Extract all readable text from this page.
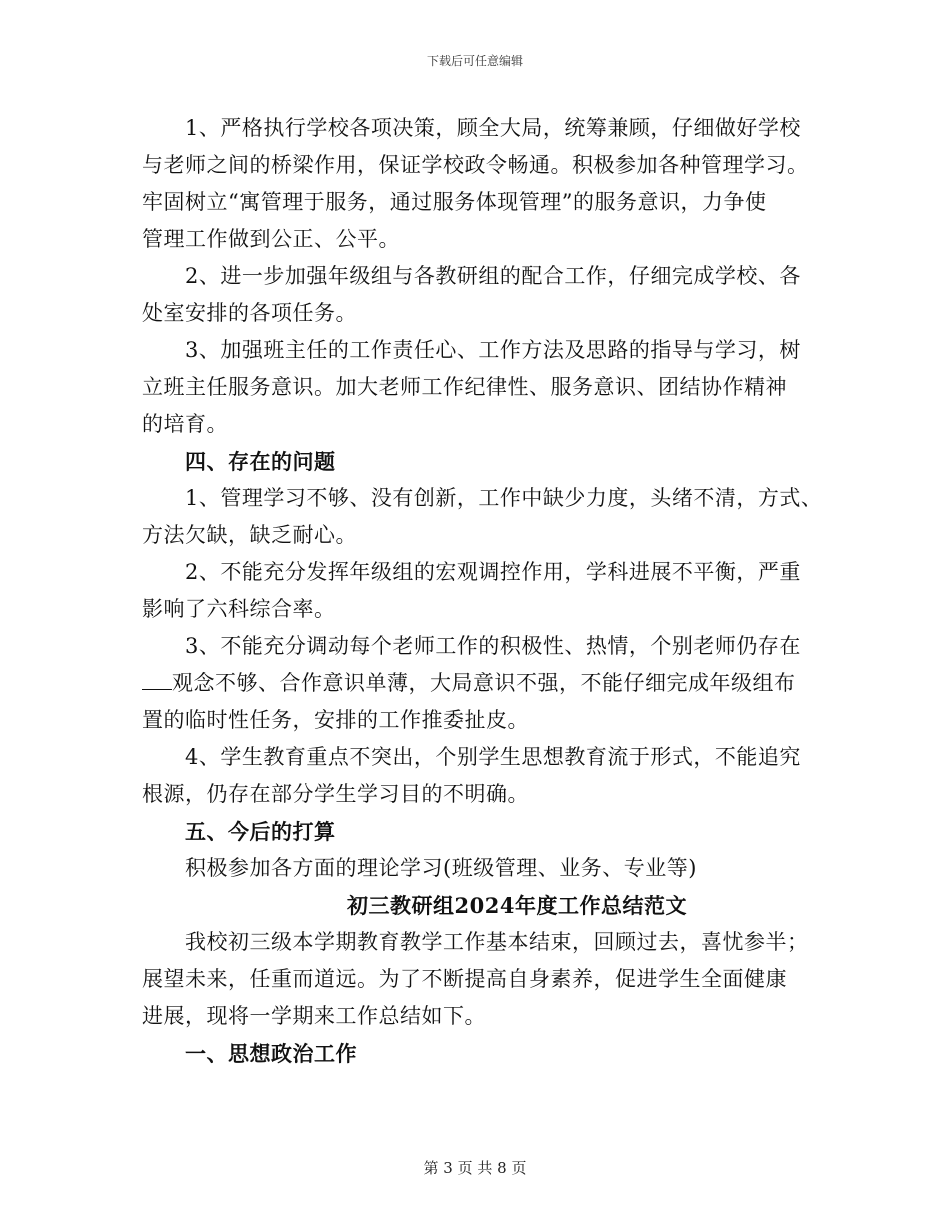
下载后可任意编辑
1、严格执行学校各项决策，顾全大局，统筹兼顾，仔细做好学校
与老师之间的桥梁作用，保证学校政令畅通。积极参加各种管理学习。
牢固树立“寓管理于服务，通过服务体现管理”的服务意识，力争使
管理工作做到公正、公平。
2、进一步加强年级组与各教研组的配合工作，仔细完成学校、各
处室安排的各项任务。
3、加强班主任的工作责任心、工作方法及思路的指导与学习，树
立班主任服务意识。加大老师工作纪律性、服务意识、团结协作精神
的培育。
四、存在的问题
1、管理学习不够、没有创新，工作中缺少力度，头绪不清，方式、
方法欠缺，缺乏耐心。
2、不能充分发挥年级组的宏观调控作用，学科进展不平衡，严重
影响了六科综合率。
3、不能充分调动每个老师工作的积极性、热情，个别老师仍存在
观念不够、合作意识单薄，大局意识不强，不能仔细完成年级组布
置的临时性任务，安排的工作推委扯皮。
4、学生教育重点不突出，个别学生思想教育流于形式，不能追究
根源，仍存在部分学生学习目的不明确。
五、今后的打算
积极参加各方面的理论学习(班级管理、业务、专业等)
初三教研组2024年度工作总结范文
我校初三级本学期教育教学工作基本结束，回顾过去，喜忧参半；
展望未来，任重而道远。为了不断提高自身素养，促进学生全面健康
进展，现将一学期来工作总结如下。
一、思想政治工作
第 3 页 共 8 页
